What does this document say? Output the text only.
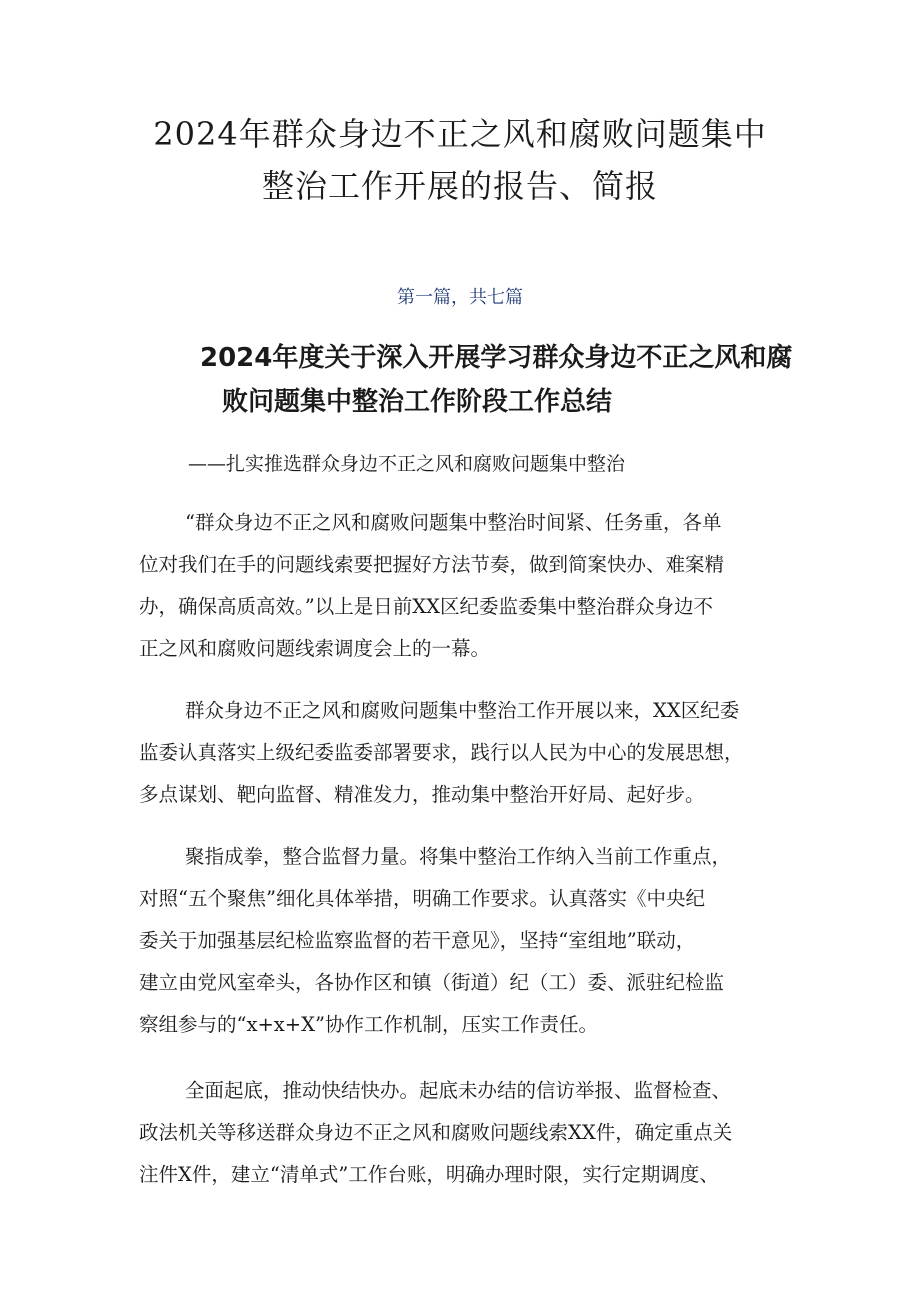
2024年群众身边不正之风和腐败问题集中
整治工作开展的报告、简报
第一篇，共七篇
2024年度关于深入开展学习群众身边不正之风和腐
败问题集中整治工作阶段工作总结
——扎实推选群众身边不正之风和腐败问题集中整治
“群众身边不正之风和腐败问题集中整治时间紧、任务重，各单
位对我们在手的问题线索要把握好方法节奏，做到简案快办、难案精
办，确保高质高效。”以上是日前XX区纪委监委集中整治群众身边不
正之风和腐败问题线索调度会上的一幕。
群众身边不正之风和腐败问题集中整治工作开展以来，XX区纪委
监委认真落实上级纪委监委部署要求，践行以人民为中心的发展思想，
多点谋划、靶向监督、精准发力，推动集中整治开好局、起好步。
聚指成拳，整合监督力量。将集中整治工作纳入当前工作重点，
对照“五个聚焦”细化具体举措，明确工作要求。认真落实《中央纪
委关于加强基层纪检监察监督的若干意见》，坚持“室组地”联动，
建立由党风室牵头，各协作区和镇（街道）纪（工）委、派驻纪检监
察组参与的“x+x+X”协作工作机制，压实工作责任。
全面起底，推动快结快办。起底未办结的信访举报、监督检查、
政法机关等移送群众身边不正之风和腐败问题线索XX件，确定重点关
注件X件，建立“清单式”工作台账，明确办理时限，实行定期调度、
